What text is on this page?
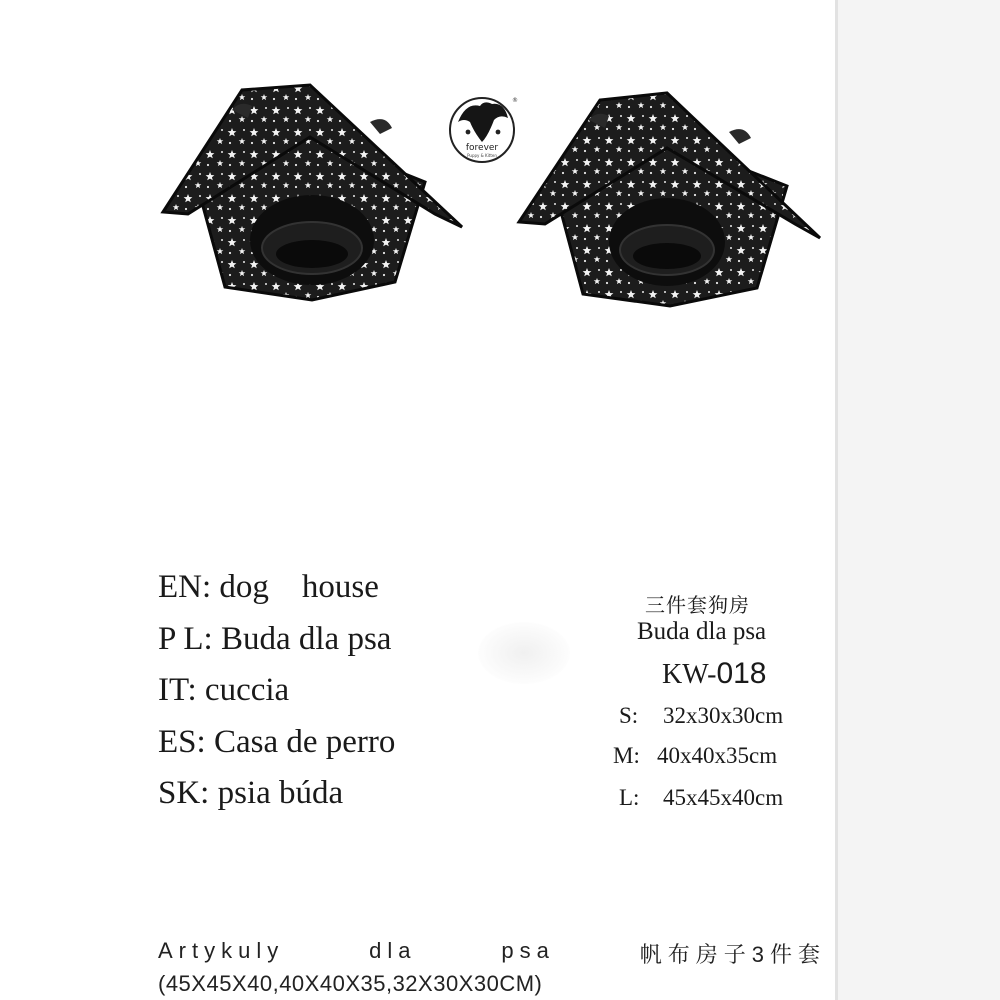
forever
Puppy & Kitten
®
EN: dog    house
P L: Buda dla psa
IT: cuccia
ES: Casa de perro
SK: psia búda
三件套狗房
Buda dla psa
KW-018
S: 32x30x30cm
M: 40x40x35cm
L: 45x45x40cm
Artykuly	dla	psa	帆布房子3件套
(45X45X40,40X40X35,32X30X30CM)
